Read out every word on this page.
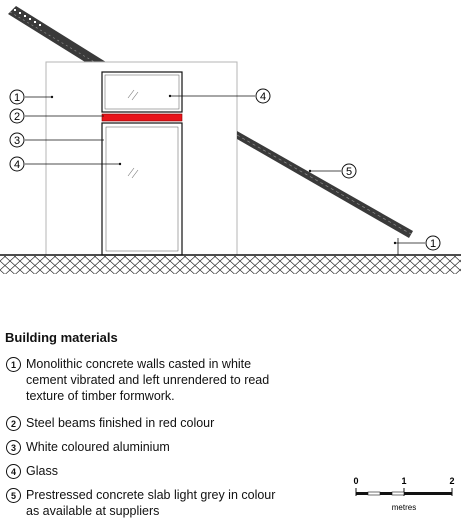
1
2
3
4
4
5
1
Building materials
1 Monolithic concrete walls casted in white cement vibrated and left unrendered to read texture of timber formwork.
2 Steel beams finished in red colour
3 White coloured aluminium
4 Glass
5 Prestressed concrete slab light grey in colour as available at suppliers
0	1	2
metres
